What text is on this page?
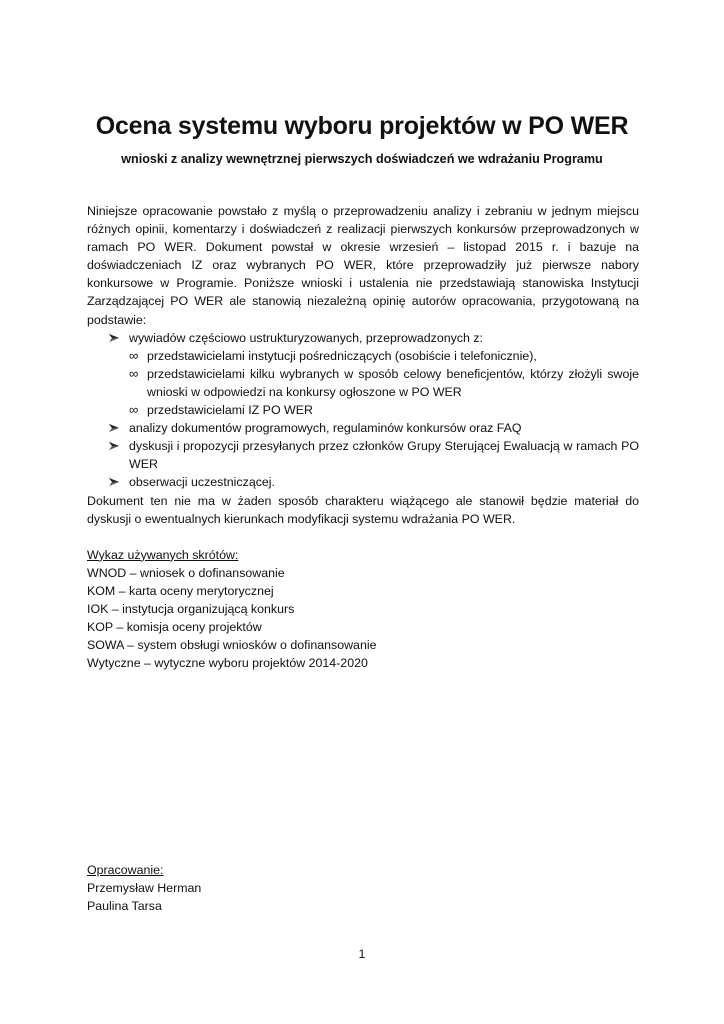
Ocena systemu wyboru projektów w PO WER

wnioski z analizy wewnętrznej pierwszych doświadczeń we wdrażaniu Programu

Niniejsze opracowanie powstało z myślą o przeprowadzeniu analizy i zebraniu w jednym miejscu różnych opinii, komentarzy i doświadczeń z realizacji pierwszych konkursów przeprowadzonych w ramach PO WER. Dokument powstał w okresie wrzesień – listopad 2015 r. i bazuje na doświadczeniach IZ oraz wybranych PO WER, które przeprowadziły już pierwsze nabory konkursowe w Programie. Poniższe wnioski i ustalenia nie przedstawiają stanowiska Instytucji Zarządzającej PO WER ale stanowią niezależną opinię autorów opracowania, przygotowaną na podstawie:

wywiadów częściowo ustrukturyzowanych, przeprowadzonych z:
∞ przedstawicielami instytucji pośredniczących (osobiście i telefonicznie),
∞ przedstawicielami kilku wybranych w sposób celowy beneficjentów, którzy złożyli swoje wnioski w odpowiedzi na konkursy ogłoszone w PO WER
∞ przedstawicielami IZ PO WER
analizy dokumentów programowych, regulaminów konkursów oraz FAQ
dyskusji i propozycji przesyłanych przez członków Grupy Sterującej Ewaluacją w ramach PO WER
obserwacji uczestniczącej.

Dokument ten nie ma w żaden sposób charakteru wiążącego ale stanowił będzie materiał do dyskusji o ewentualnych kierunkach modyfikacji systemu wdrażania PO WER.

Wykaz używanych skrótów:

WNOD – wniosek o dofinansowanie

KOM – karta oceny merytorycznej

IOK – instytucja organizującą konkurs

KOP – komisja oceny projektów

SOWA – system obsługi wniosków o dofinansowanie

Wytyczne – wytyczne wyboru projektów 2014-2020

Opracowanie:

Przemysław Herman

Paulina Tarsa

1
